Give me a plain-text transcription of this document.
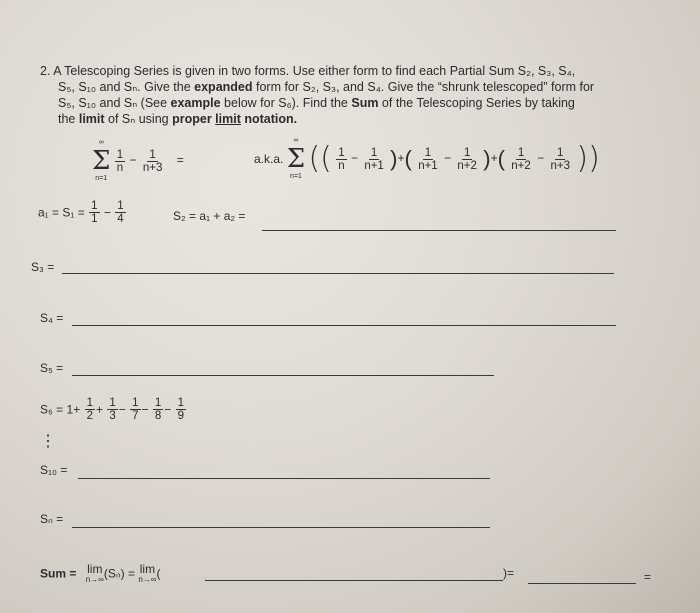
2. A Telescoping Series is given in two forms. Use either form to find each Partial Sum S₂, S₃, S₄,
S₅, S₁₀ and Sₙ. Give the expanded form for S₂, S₃, and S₄. Give the “shrunk telescoped” form for
S₅, S₁₀ and Sₙ (See example below for S₆). Find the Sum of the Telescoping Series by taking
the limit of Sₙ using proper limit notation.
∞
Σ
n=1

$\frac{1}{n} - \frac{1}{n+3}$ =	a.k.a.
∞
Σ
n=1
(( $\frac{1}{n} - \frac{1}{n+1}$ )+( $\frac{1}{n+1} - \frac{1}{n+2}$ )+( $\frac{1}{n+2} - \frac{1}{n+3}$ ))
$a_1 = S_1 = \frac{1}{1} - \frac{1}{4}$	S₂ = a₁ + a₂ =
S₃ =
S₄ =
S₅ =
$S_6 = 1+ \frac{1}{2} + \frac{1}{3} - \frac{1}{7} - \frac{1}{8} - \frac{1}{9}$
⋮
S₁₀ =
Sₙ =
Sum = lim
n→∞ (Sₙ) = lim
n→∞ (	)=	=
